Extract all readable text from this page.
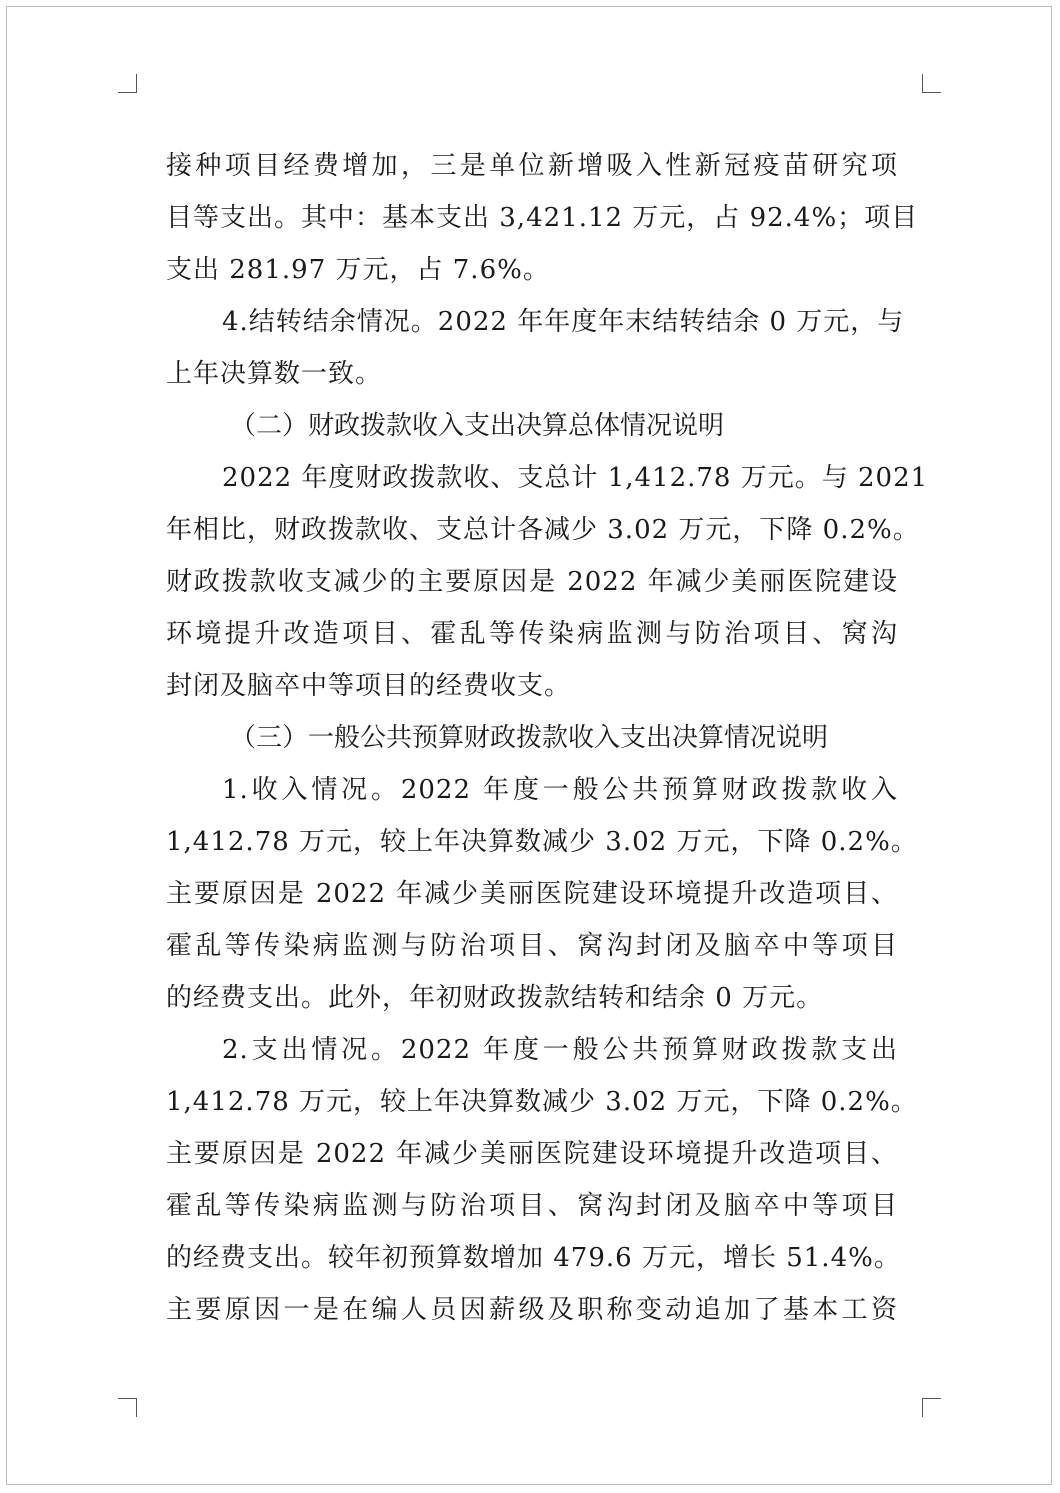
接种项目经费增加，三是单位新增吸入性新冠疫苗研究项
目等支出。其中：基本支出 3,421.12 万元，占 92.4%；项目
支出 281.97 万元，占 7.6%。
4.结转结余情况。2022 年年度年末结转结余 0 万元，与
上年决算数一致。
（二）财政拨款收入支出决算总体情况说明
2022 年度财政拨款收、支总计 1,412.78 万元。与 2021
年相比，财政拨款收、支总计各减少 3.02 万元，下降 0.2%。
财政拨款收支减少的主要原因是 2022 年减少美丽医院建设
环境提升改造项目、霍乱等传染病监测与防治项目、窝沟
封闭及脑卒中等项目的经费收支。
（三）一般公共预算财政拨款收入支出决算情况说明
1.收入情况。2022 年度一般公共预算财政拨款收入
1,412.78 万元，较上年决算数减少 3.02 万元，下降 0.2%。
主要原因是 2022 年减少美丽医院建设环境提升改造项目、
霍乱等传染病监测与防治项目、窝沟封闭及脑卒中等项目
的经费支出。此外，年初财政拨款结转和结余 0 万元。
2.支出情况。2022 年度一般公共预算财政拨款支出
1,412.78 万元，较上年决算数减少 3.02 万元，下降 0.2%。
主要原因是 2022 年减少美丽医院建设环境提升改造项目、
霍乱等传染病监测与防治项目、窝沟封闭及脑卒中等项目
的经费支出。较年初预算数增加 479.6 万元，增长 51.4%。
主要原因一是在编人员因薪级及职称变动追加了基本工资
